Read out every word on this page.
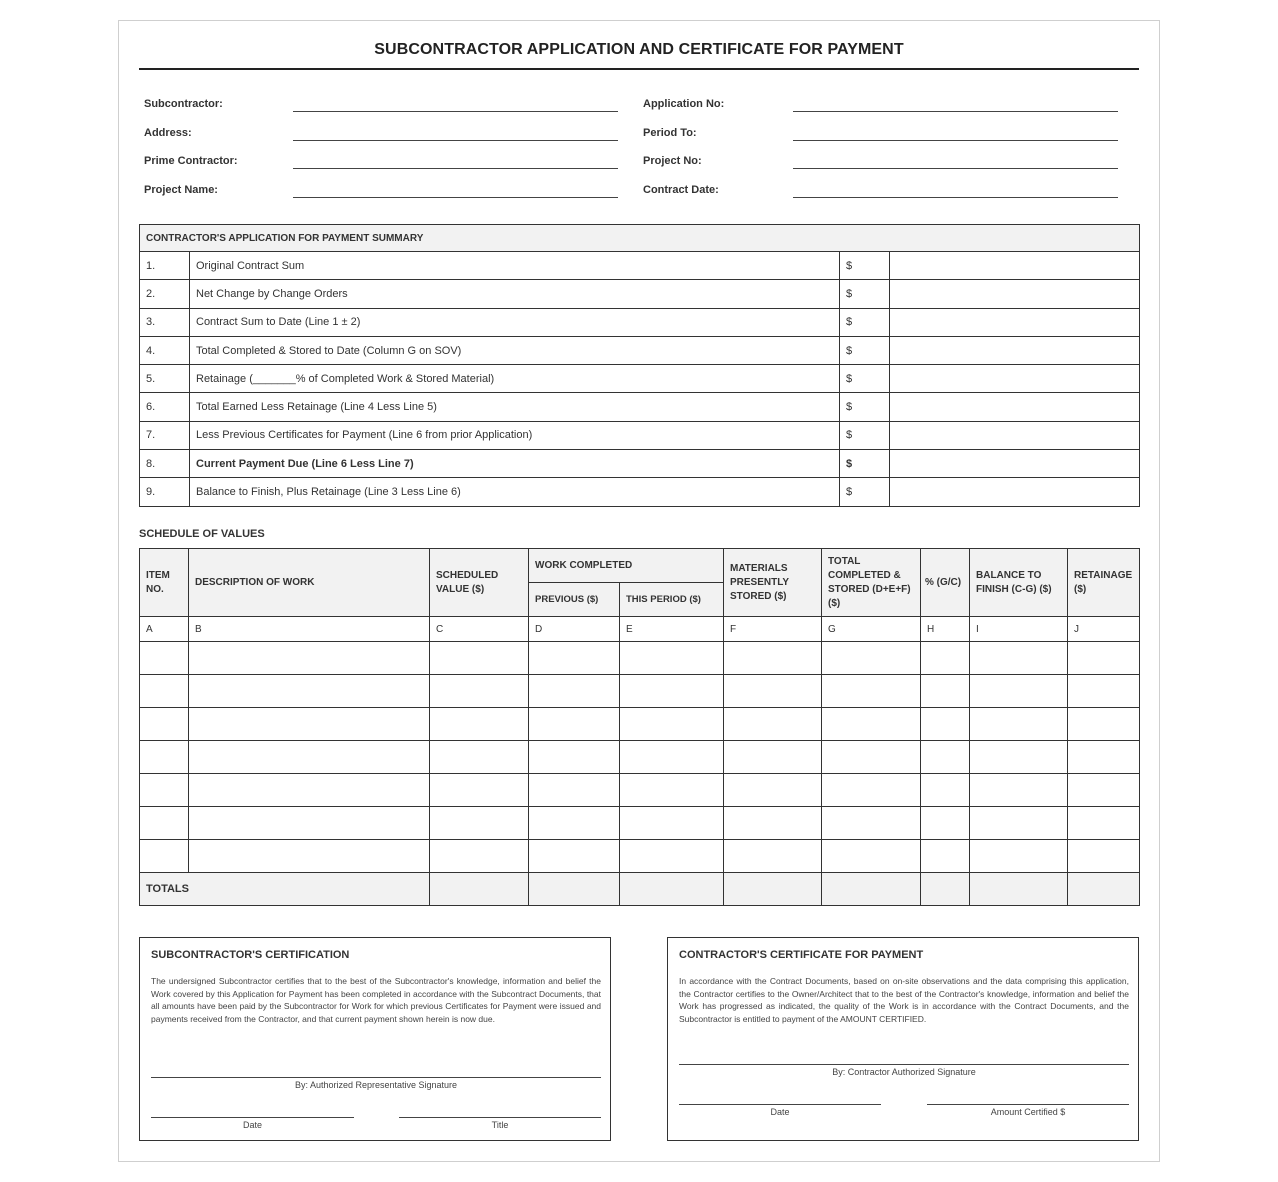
SUBCONTRACTOR APPLICATION AND CERTIFICATE FOR PAYMENT
Subcontractor:
Address:
Prime Contractor:
Project Name:
Application No:
Period To:
Project No:
Contract Date:
CONTRACTOR'S APPLICATION FOR PAYMENT SUMMARY			
1.	Original Contract Sum	$	
2.	Net Change by Change Orders	$	
3.	Contract Sum to Date (Line 1 ± 2)	$	
4.	Total Completed & Stored to Date (Column G on SOV)	$	
5.	Retainage (_______% of Completed Work & Stored Material)	$	
6.	Total Earned Less Retainage (Line 4 Less Line 5)	$	
7.	Less Previous Certificates for Payment (Line 6 from prior Application)	$	
8.	Current Payment Due (Line 6 Less Line 7)	$	
9.	Balance to Finish, Plus Retainage (Line 3 Less Line 6)	$	
SCHEDULE OF VALUES
ITEM NO.	DESCRIPTION OF WORK	SCHEDULED VALUE ($)	WORK COMPLETED		MATERIALS PRESENTLY STORED ($)	TOTAL COMPLETED & STORED (D+E+F) ($)	% (G/C)	BALANCE TO FINISH (C-G) ($)	RETAINAGE ($)
			PREVIOUS ($)	THIS PERIOD ($)					
A	B	C	D	E	F	G	H	I	J

TOTALS									
SUBCONTRACTOR'S CERTIFICATION
The undersigned Subcontractor certifies that to the best of the Subcontractor's knowledge, information and belief the Work covered by this Application for Payment has been completed in accordance with the Subcontract Documents, that all amounts have been paid by the Subcontractor for Work for which previous Certificates for Payment were issued and payments received from the Contractor, and that current payment shown herein is now due.
By: Authorized Representative Signature
Date	Title
CONTRACTOR'S CERTIFICATE FOR PAYMENT
In accordance with the Contract Documents, based on on-site observations and the data comprising this application, the Contractor certifies to the Owner/Architect that to the best of the Contractor's knowledge, information and belief the Work has progressed as indicated, the quality of the Work is in accordance with the Contract Documents, and the Subcontractor is entitled to payment of the AMOUNT CERTIFIED.
By: Contractor Authorized Signature
Date	Amount Certified $
